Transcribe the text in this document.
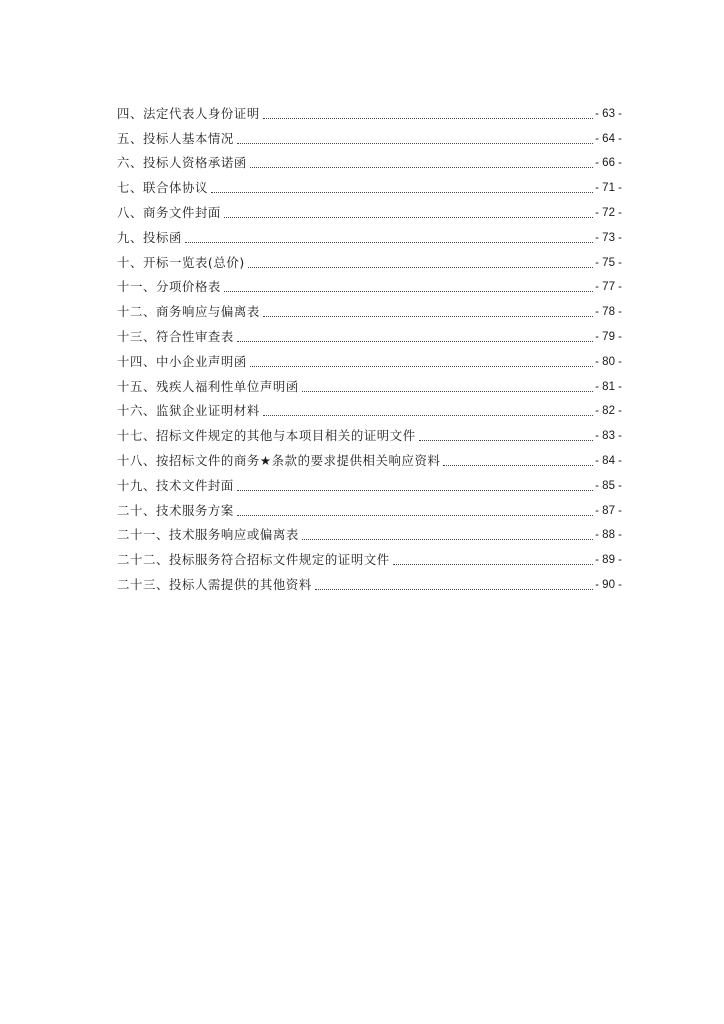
四、法定代表人身份证明	- 63 -
五、投标人基本情况	- 64 -
六、投标人资格承诺函	- 66 -
七、联合体协议	- 71 -
八、商务文件封面	- 72 -
九、投标函	- 73 -
十、开标一览表(总价)	- 75 -
十一、分项价格表	- 77 -
十二、商务响应与偏离表	- 78 -
十三、符合性审查表	- 79 -
十四、中小企业声明函	- 80 -
十五、残疾人福利性单位声明函	- 81 -
十六、监狱企业证明材料	- 82 -
十七、招标文件规定的其他与本项目相关的证明文件	- 83 -
十八、按招标文件的商务★条款的要求提供相关响应资料	- 84 -
十九、技术文件封面	- 85 -
二十、技术服务方案	- 87 -
二十一、技术服务响应或偏离表	- 88 -
二十二、投标服务符合招标文件规定的证明文件	- 89 -
二十三、投标人需提供的其他资料	- 90 -
